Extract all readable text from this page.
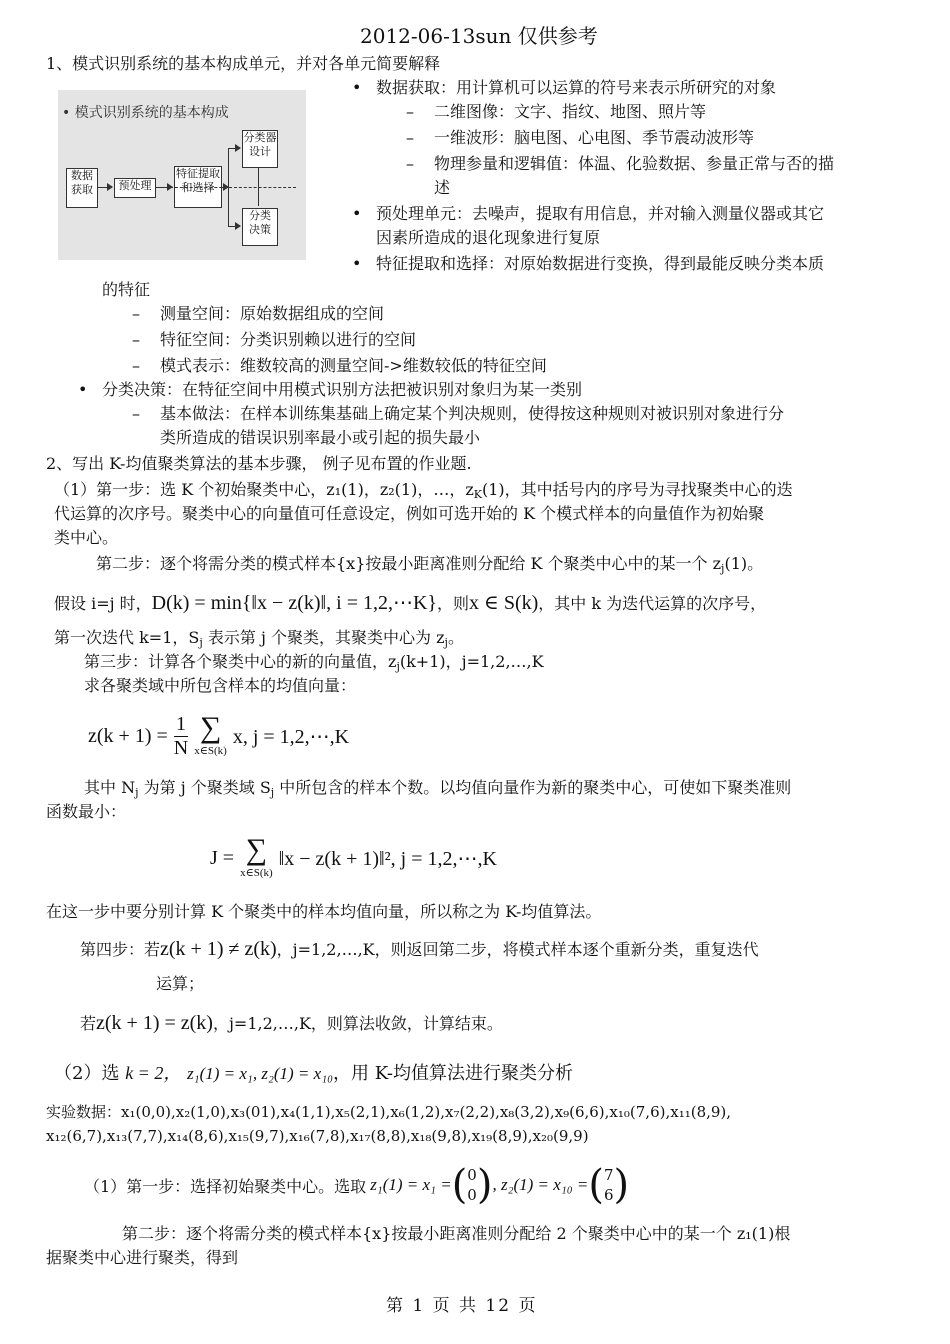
2012-06-13sun 仅供参考
1、模式识别系统的基本构成单元，并对各单元简要解释
• 模式识别系统的基本构成
数据
获取	预处理
特征提取
和选择
分类器
设计
分类
决策
• 数据获取：用计算机可以运算的符号来表示所研究的对象
– 二维图像：文字、指纹、地图、照片等
– 一维波形：脑电图、心电图、季节震动波形等
– 物理参量和逻辑值：体温、化验数据、参量正常与否的描
述
• 预处理单元：去噪声，提取有用信息，并对输入测量仪器或其它
因素所造成的退化现象进行复原
• 特征提取和选择：对原始数据进行变换，得到最能反映分类本质
的特征
– 测量空间：原始数据组成的空间
– 特征空间：分类识别赖以进行的空间
– 模式表示：维数较高的测量空间->维数较低的特征空间
• 分类决策：在特征空间中用模式识别方法把被识别对象归为某一类别
– 基本做法：在样本训练集基础上确定某个判决规则，使得按这种规则对被识别对象进行分
类所造成的错误识别率最小或引起的损失最小
2、写出 K-均值聚类算法的基本步骤， 例子见布置的作业题.
（1）第一步：选 K 个初始聚类中心，z₁(1)，z₂(1)，…，$z_K(1)$，其中括号内的序号为寻找聚类中心的迭
代运算的次序号。聚类中心的向量值可任意设定，例如可选开始的 K 个模式样本的向量值作为初始聚
类中心。
第二步：逐个将需分类的模式样本{x}按最小距离准则分配给 K 个聚类中心中的某一个 $z_j(1)$。
假设 i=j 时，D(k) = min{‖x − z(k)‖, i = 1,2,⋯K}，则x ∈ S(k)，其中 k 为迭代运算的次序号，
第一次迭代 k=1，$S_j$ 表示第 j 个聚类，其聚类中心为 $z_j$。
第三步：计算各个聚类中心的新的向量值，$z_j(k+1)$，j=1,2,…,K
求各聚类域中所包含样本的均值向量：
$z(k + 1) = \frac{1}{N}$ ∑
x∈S(k)
x, j = 1,2,⋯,K
其中 $N_j$ 为第 j 个聚类域 $S_j$ 中所包含的样本个数。以均值向量作为新的聚类中心，可使如下聚类准则
函数最小：
J = ∑
x∈S(k)
‖x − z(k + 1)‖², j = 1,2,⋯,K
在这一步中要分别计算 K 个聚类中的样本均值向量，所以称之为 K-均值算法。
第四步：若z(k + 1) ≠ z(k)，j=1,2,…,K，则返回第二步，将模式样本逐个重新分类，重复迭代
运算；
若z(k + 1) = z(k)，j=1,2,…,K，则算法收敛，计算结束。
（2）选 k = 2， z₁(1) = x₁, z₂(1) = x₁₀，用 K-均值算法进行聚类分析
实验数据：x₁(0,0),x₂(1,0),x₃(01),x₄(1,1),x₅(2,1),x₆(1,2),x₇(2,2),x₈(3,2),x₉(6,6),x₁₀(7,6),x₁₁(8,9),
x₁₂(6,7),x₁₃(7,7),x₁₄(8,6),x₁₅(9,7),x₁₆(7,8),x₁₇(8,8),x₁₈(9,8),x₁₉(8,9),x₂₀(9,9)
（1）第一步：选择初始聚类中心。选取 z₁(1) = x₁ = ( 0
0 ) , z₂(1) = x₁₀ = ( 7
6 )
第二步：逐个将需分类的模式样本{x}按最小距离准则分配给 2 个聚类中心中的某一个 z₁(1)根
据聚类中心进行聚类，得到
第 1 页 共 12 页
